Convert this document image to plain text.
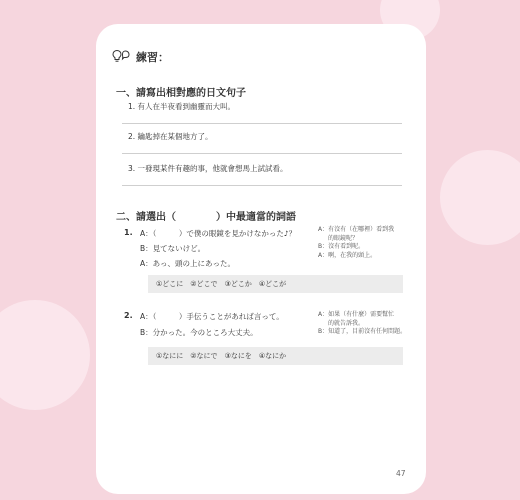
練習：
一、請寫出相對應的日文句子
1. 有人在半夜看到幽靈而大叫。
2. 鑰匙掉在某個地方了。
3. 一發現某件有趣的事，他就會想馬上試試看。
二、請選出（　　　　）中最適當的詞語
1. A：（　　　）で僕の眼鏡を見かけなかった♪？
B：見てないけど。
A：あっ、頭の上にあった。
A：有沒有（在哪裡）看到我
的眼鏡呢？
B：沒有看到呢。
A：啊，在我的頭上。
①どこに ②どこで ③どこか ④どこが
2. A：（　　　）手伝うことがあれば言って。
B：分かった。今のところ大丈夫。
A：如果（有什麼）需要幫忙
的就告訴我。
B：知道了，目前沒有任何問題。
①なにに ②なにで ③なにを ④なにか
47
